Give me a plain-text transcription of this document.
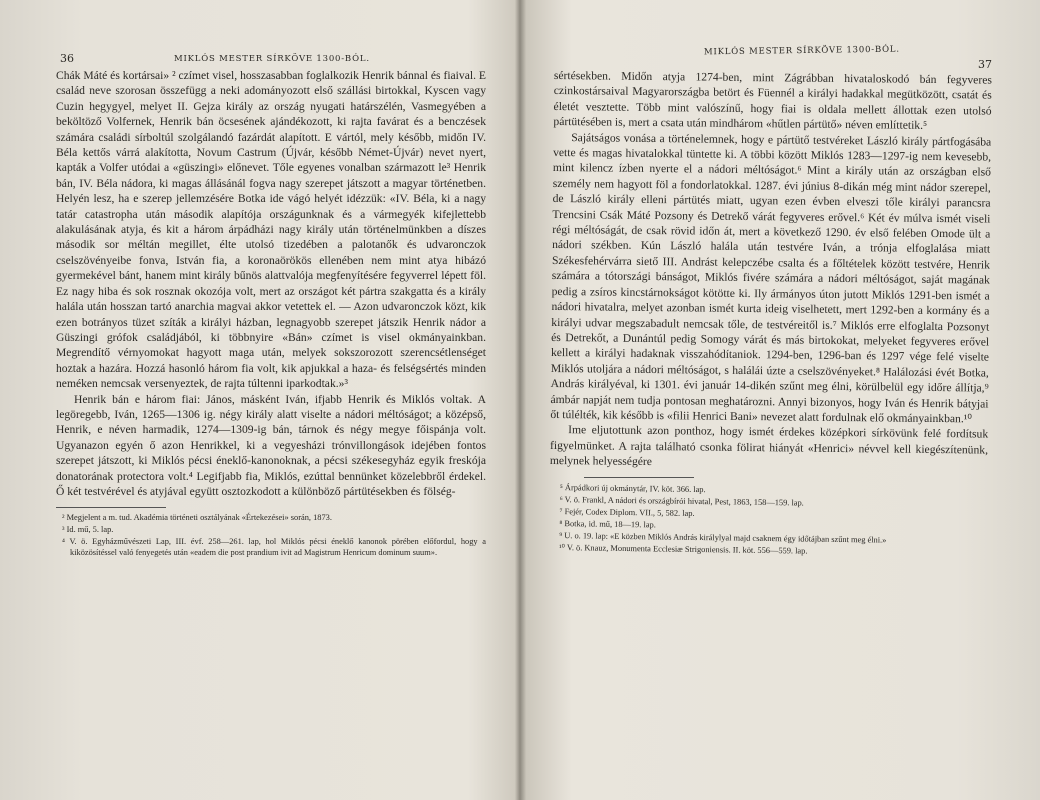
36	MIKLÓS MESTER SÍRKÖVE 1300-BÓL.

Chák Máté és kortársai» ² czímet visel, hosszasabban foglalkozik Henrik bánnal és fiaival. E család neve szorosan összefügg a neki adományozott első szállási birtokkal, Kyscen vagy Cuzin hegygyel, melyet II. Gejza király az ország nyugati határszélén, Vasmegyében a beköltöző Volfernek, Henrik bán öcsesének ajándékozott, ki rajta favárat és a benczések számára családi sírboltúl szolgálandó fazárdát alapított. E vártól, mely később, midőn IV. Béla kettős várrá alakította, Novum Castrum (Újvár, később Német-Újvár) nevet nyert, kapták a Volfer utódai a «güszingi» előnevet. Tőle egyenes vonalban származott le³ Henrik bán, IV. Béla nádora, ki magas állásánál fogva nagy szerepet játszott a magyar történetben. Helyén lesz, ha e szerep jellemzésére Botka ide vágó helyét idézzük: «IV. Béla, ki a nagy tatár catastropha után második alapítója országunknak és a vármegyék kifejlettebb alakulásának atyja, és kit a három árpádházi nagy király után történelmünkben a díszes második sor méltán megillet, élte utolsó tizedében a palotanők és udvaronczok cselszövényeibe fonva, István fia, a koronaörökös ellenében nem mint atya hibázó gyermekével bánt, hanem mint király bűnös alattvalója megfenyítésére fegyverrel lépett föl. Ez nagy hiba és sok rosznak okozója volt, mert az országot két pártra szakgatta és a király halála után hosszan tartó anarchia magvai akkor vetettek el. — Azon udvaronczok közt, kik ezen botrányos tüzet szíták a királyi házban, legnagyobb szerepet játszik Henrik nádor a Güszingi grófok családjából, ki többnyire «Bán» czímet is visel okmányainkban. Megrendítő vérnyomokat hagyott maga után, melyek sokszorozott szerencsétlenséget hoztak a hazára. Hozzá hasonló három fia volt, kik apjukkal a haza- és felségsértés minden neméken nemcsak versenyeztek, de rajta túltenni iparkodtak.»³

Henrik bán e három fiai: János, másként Iván, ifjabb Henrik és Miklós voltak. A legöregebb, Iván, 1265—1306 ig. négy király alatt viselte a nádori méltóságot; a középső, Henrik, e néven harmadik, 1274—1309-ig bán, tárnok és négy megye főispánja volt. Ugyanazon egyén ő azon Henrikkel, ki a vegyesházi trónvillongások idejében fontos szerepet játszott, ki Miklós pécsi éneklő-kanonoknak, a pécsi székesegyház egyik freskója donatorának protectora volt.⁴ Legifjabb fia, Miklós, ezúttal bennünket közelebbről érdekel. Ő két testvérével és atyjával együtt osztozkodott a különböző pártütésekben és fölség-

² Megjelent a m. tud. Akadémia történeti osztályának «Értekezései» során, 1873.

³ Id. mű, 5. lap.

⁴ V. ö. Egyházművészeti Lap, III. évf. 258—261. lap, hol Miklós pécsi éneklő kanonok pörében előfordul, hogy a kiközösítéssel való fenyegetés után «eadem die post prandium ivit ad Magistrum Henricum dominum suum».

MIKLÓS MESTER SÍRKÖVE 1300-BÓL.
37

sértésekben. Midőn atyja 1274-ben, mint Zágrábban hivataloskodó bán fegyveres czinkostársaival Magyarországba betört és Füennél a királyi hadakkal megütközött, csatát és életét vesztette. Több mint valószínű, hogy fiai is oldala mellett állottak ezen utolsó pártütésében is, mert a csata után mindhárom «hűtlen pártütő» néven említtetik.⁵

Sajátságos vonása a történelemnek, hogy e pártütő testvéreket László király pártfogásába vette és magas hivatalokkal tüntette ki. A többi között Miklós 1283—1297-ig nem kevesebb, mint kilencz ízben nyerte el a nádori méltóságot.⁶ Mint a király után az országban első személy nem hagyott föl a fondorlatokkal. 1287. évi június 8-dikán még mint nádor szerepel, de László király elleni pártütés miatt, ugyan ezen évben elveszi tőle királyi parancsra Trencsini Csák Máté Pozsony és Detrekő várát fegyveres erővel.⁶ Két év múlva ismét viseli régi méltóságát, de csak rövid időn át, mert a következő 1290. év első felében Omode ült a nádori székben. Kún László halála után testvére Iván, a trónja elfoglalása miatt Székesfehérvárra siető III. Andrást kelepczébe csalta és a főltételek között testvére, Henrik számára a tótországi bánságot, Miklós fivére számára a nádori méltóságot, saját magának pedig a zsíros kincstárnokságot kötötte ki. Ily ármányos úton jutott Miklós 1291-ben ismét a nádori hivatalra, melyet azonban ismét kurta ideig viselhetett, mert 1292-ben a kormány és a királyi udvar megszabadult nemcsak tőle, de testvéreitől is.⁷ Miklós erre elfoglalta Pozsonyt és Detrekőt, a Dunántúl pedig Somogy várát és más birtokokat, melyeket fegyveres erővel kellett a királyi hadaknak visszahódítaniok. 1294-ben, 1296-ban és 1297 vége felé viselte Miklós utoljára a nádori méltóságot, s halálái úzte a cselszövényeket.⁸ Halálozási évét Botka, András királyéval, ki 1301. évi január 14-dikén szűnt meg élni, körülbelül egy időre állítja,⁹ ámbár napját nem tudja pontosan meghatározni. Annyi bizonyos, hogy Iván és Henrik bátyjai őt túlélték, kik később is «filii Henrici Bani» nevezet alatt fordulnak elő okmányainkban.¹⁰

Ime eljutottunk azon ponthoz, hogy ismét érdekes középkori sírkövünk felé fordítsuk figyelmünket. A rajta található csonka fölirat hiányát «Henrici» névvel kell kiegészítenünk, melynek helyességére

⁵ Árpádkori új okmánytár, IV. köt. 366. lap.

⁶ V. ö. Frankl, A nádori és országbírói hivatal, Pest, 1863, 158—159. lap.

⁷ Fejér, Codex Diplom. VII., 5, 582. lap.

⁸ Botka, id. mű, 18—19. lap.

⁹ U. o. 19. lap: «E közben Miklós András királylyal majd csaknem égy időtájban szűnt meg élni.»

¹⁰ V. ö. Knauz, Monumenta Ecclesiæ Strigoniensis. II. köt. 556—559. lap.
